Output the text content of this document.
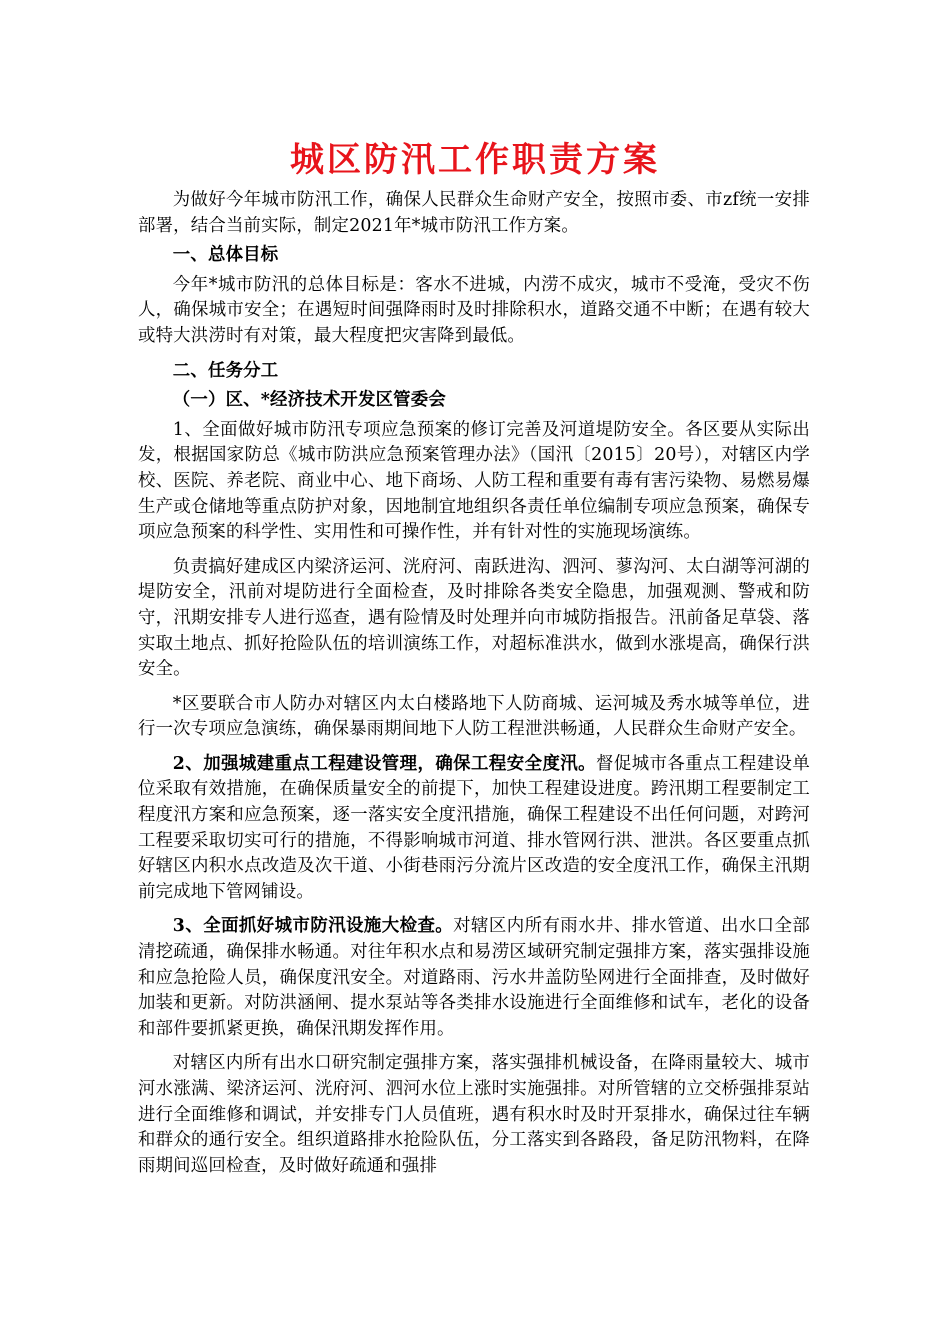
城区防汛工作职责方案

为做好今年城市防汛工作，确保人民群众生命财产安全，按照市委、市zf统一安排部署，结合当前实际，制定2021年*城市防汛工作方案。

一、总体目标

今年*城市防汛的总体目标是：客水不进城，内涝不成灾，城市不受淹，受灾不伤人，确保城市安全；在遇短时间强降雨时及时排除积水，道路交通不中断；在遇有较大或特大洪涝时有对策，最大程度把灾害降到最低。

二、任务分工

（一）区、*经济技术开发区管委会

1、全面做好城市防汛专项应急预案的修订完善及河道堤防安全。各区要从实际出发，根据国家防总《城市防洪应急预案管理办法》（国汛〔2015〕20号），对辖区内学校、医院、养老院、商业中心、地下商场、人防工程和重要有毒有害污染物、易燃易爆生产或仓储地等重点防护对象，因地制宜地组织各责任单位编制专项应急预案，确保专项应急预案的科学性、实用性和可操作性，并有针对性的实施现场演练。

负责搞好建成区内梁济运河、洸府河、南跃进沟、泗河、蓼沟河、太白湖等河湖的堤防安全，汛前对堤防进行全面检查，及时排除各类安全隐患，加强观测、警戒和防守，汛期安排专人进行巡查，遇有险情及时处理并向市城防指报告。汛前备足草袋、落实取土地点、抓好抢险队伍的培训演练工作，对超标准洪水，做到水涨堤高，确保行洪安全。

*区要联合市人防办对辖区内太白楼路地下人防商城、运河城及秀水城等单位，进行一次专项应急演练，确保暴雨期间地下人防工程泄洪畅通，人民群众生命财产安全。

2、加强城建重点工程建设管理，确保工程安全度汛。督促城市各重点工程建设单位采取有效措施，在确保质量安全的前提下，加快工程建设进度。跨汛期工程要制定工程度汛方案和应急预案，逐一落实安全度汛措施，确保工程建设不出任何问题，对跨河工程要采取切实可行的措施，不得影响城市河道、排水管网行洪、泄洪。各区要重点抓好辖区内积水点改造及次干道、小街巷雨污分流片区改造的安全度汛工作，确保主汛期前完成地下管网铺设。

3、全面抓好城市防汛设施大检查。对辖区内所有雨水井、排水管道、出水口全部清挖疏通，确保排水畅通。对往年积水点和易涝区域研究制定强排方案，落实强排设施和应急抢险人员，确保度汛安全。对道路雨、污水井盖防坠网进行全面排查，及时做好加装和更新。对防洪涵闸、提水泵站等各类排水设施进行全面维修和试车，老化的设备和部件要抓紧更换，确保汛期发挥作用。

对辖区内所有出水口研究制定强排方案，落实强排机械设备，在降雨量较大、城市河水涨满、梁济运河、洸府河、泗河水位上涨时实施强排。对所管辖的立交桥强排泵站进行全面维修和调试，并安排专门人员值班，遇有积水时及时开泵排水，确保过往车辆和群众的通行安全。组织道路排水抢险队伍，分工落实到各路段，备足防汛物料，在降雨期间巡回检查，及时做好疏通和强排
